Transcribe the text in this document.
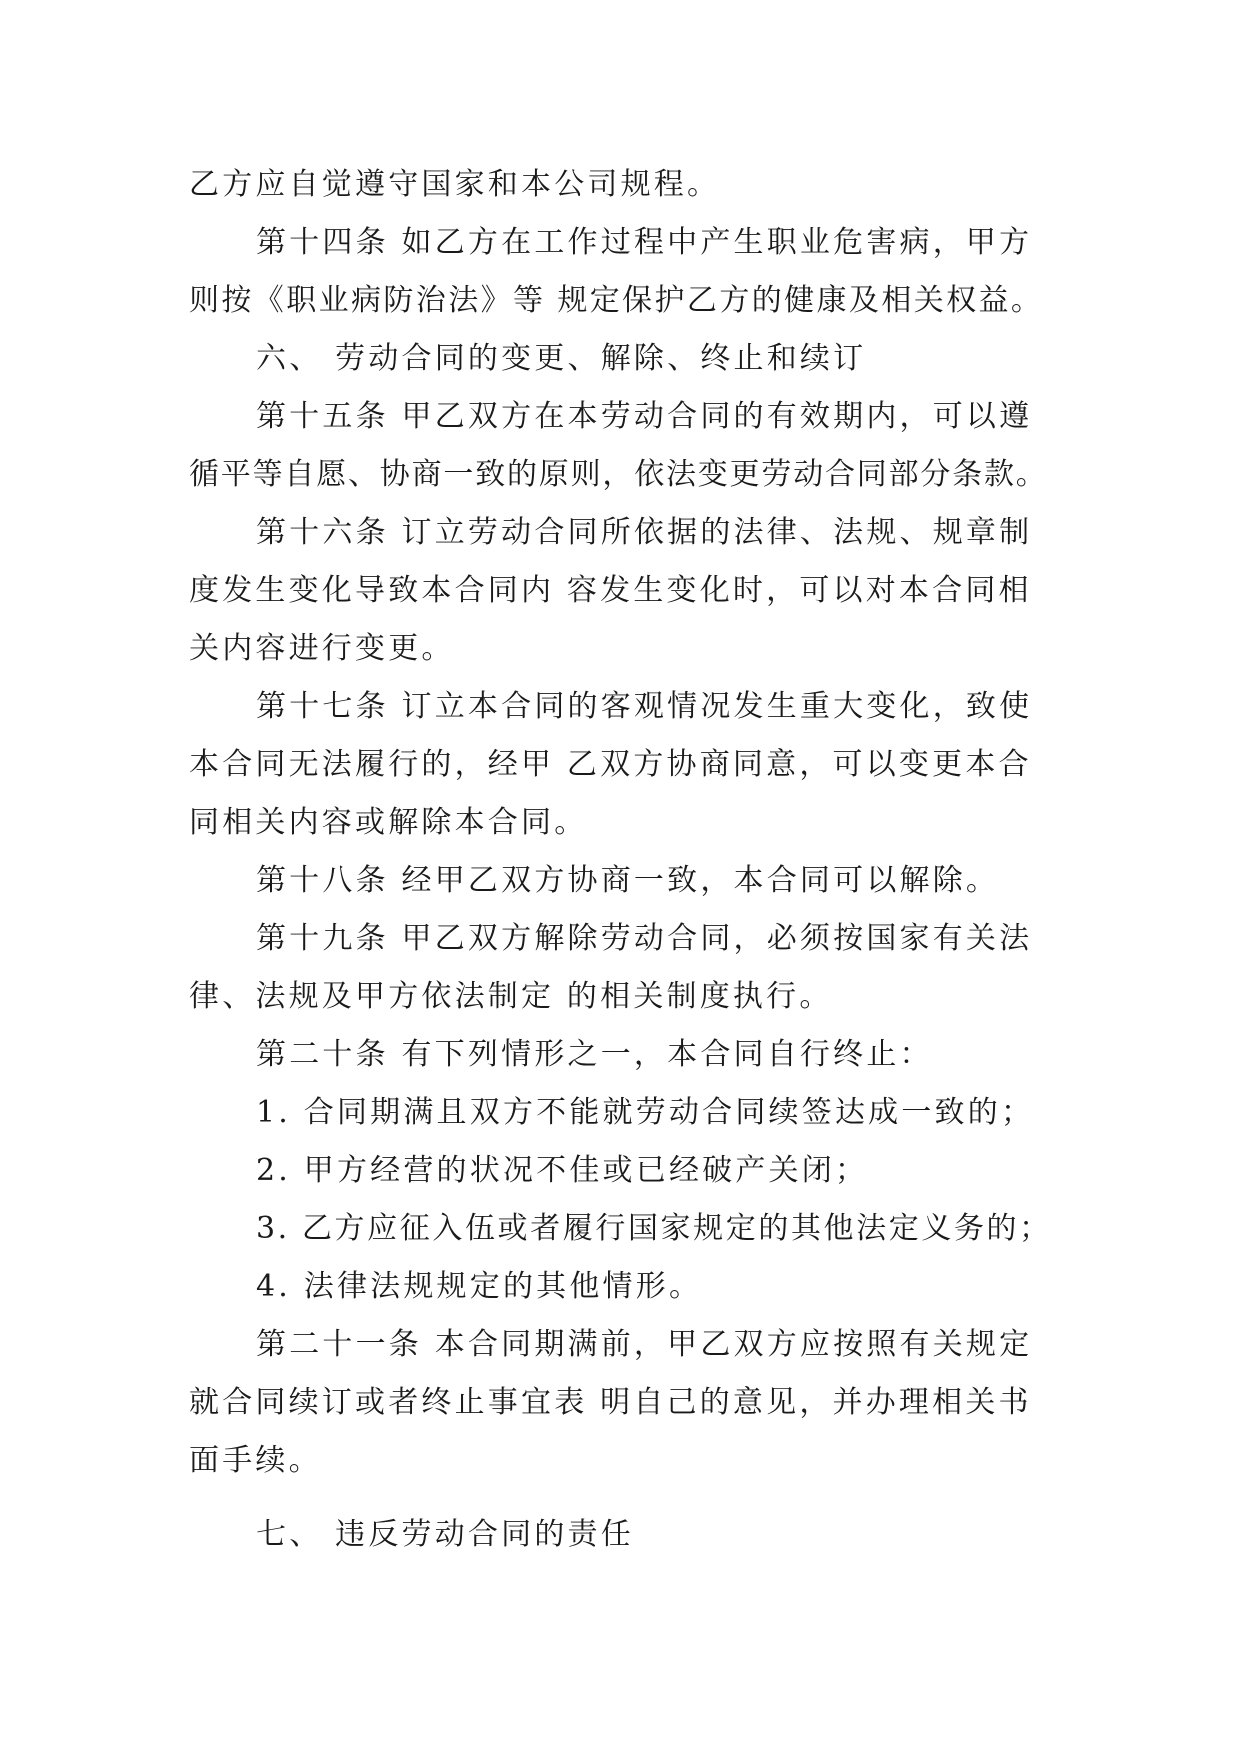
乙方应自觉遵守国家和本公司规程。
第十四条 如乙方在工作过程中产生职业危害病，甲方
则按《职业病防治法》等 规定保护乙方的健康及相关权益。
六、 劳动合同的变更、解除、终止和续订
第十五条 甲乙双方在本劳动合同的有效期内，可以遵
循平等自愿、协商一致的原则，依法变更劳动合同部分条款。
第十六条 订立劳动合同所依据的法律、法规、规章制
度发生变化导致本合同内 容发生变化时，可以对本合同相
关内容进行变更。
第十七条 订立本合同的客观情况发生重大变化，致使
本合同无法履行的，经甲 乙双方协商同意，可以变更本合
同相关内容或解除本合同。
第十八条 经甲乙双方协商一致，本合同可以解除。
第十九条 甲乙双方解除劳动合同，必须按国家有关法
律、法规及甲方依法制定 的相关制度执行。
第二十条 有下列情形之一，本合同自行终止：
1. 合同期满且双方不能就劳动合同续签达成一致的；
2. 甲方经营的状况不佳或已经破产关闭；
3. 乙方应征入伍或者履行国家规定的其他法定义务的；
4. 法律法规规定的其他情形。
第二十一条 本合同期满前，甲乙双方应按照有关规定
就合同续订或者终止事宜表 明自己的意见，并办理相关书
面手续。
七、 违反劳动合同的责任
